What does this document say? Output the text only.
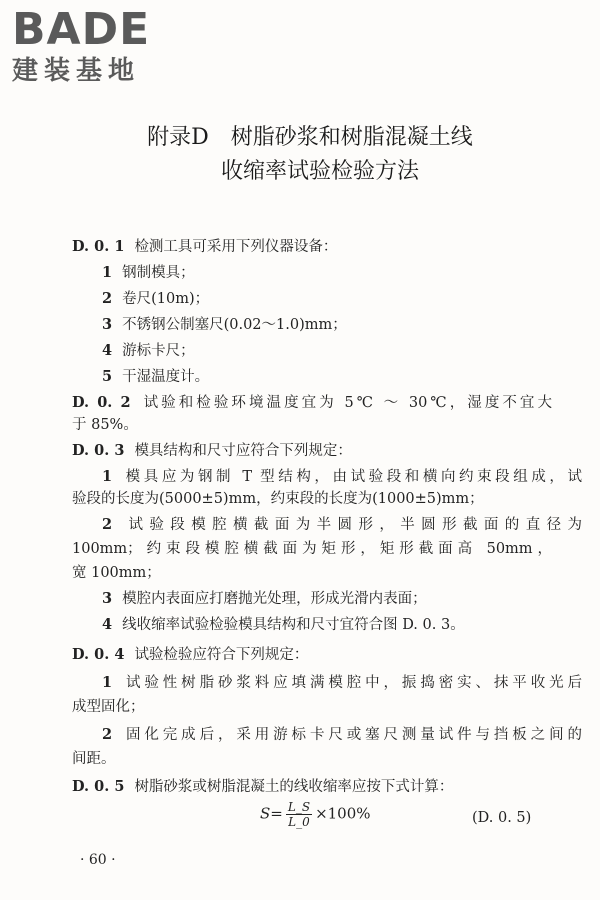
BADE
建装基地
附录D　树脂砂浆和树脂混凝土线
收缩率试验检验方法
D. 0. 1 检测工具可采用下列仪器设备：
1 钢制模具；
2 卷尺(10m)；
3 不锈钢公制塞尺(0.02～1.0)mm；
4 游标卡尺；
5 干湿温度计。
D. 0. 2 试验和检验环境温度宜为 5℃ ～ 30℃，湿度不宜大
于 85%。
D. 0. 3 模具结构和尺寸应符合下列规定：
1 模具应为钢制 T 型结构，由试验段和横向约束段组成，试
验段的长度为(5000±5)mm，约束段的长度为(1000±5)mm；
2 试验段模腔横截面为半圆形，半圆形截面的直径为
100mm；约束段模腔横截面为矩形，矩形截面高 50mm，
宽 100mm；
3 模腔内表面应打磨抛光处理，形成光滑内表面；
4 线收缩率试验检验模具结构和尺寸宜符合图 D. 0. 3。
D. 0. 4 试验检验应符合下列规定：
1 试验性树脂砂浆料应填满模腔中，振捣密实、抹平收光后
成型固化；
2 固化完成后，采用游标卡尺或塞尺测量试件与挡板之间的
间距。
D. 0. 5 树脂砂浆或树脂混凝土的线收缩率应按下式计算：
$S= \frac{L\_S}{L\_0} \times 100\%$	(D. 0. 5)
· 60 ·
